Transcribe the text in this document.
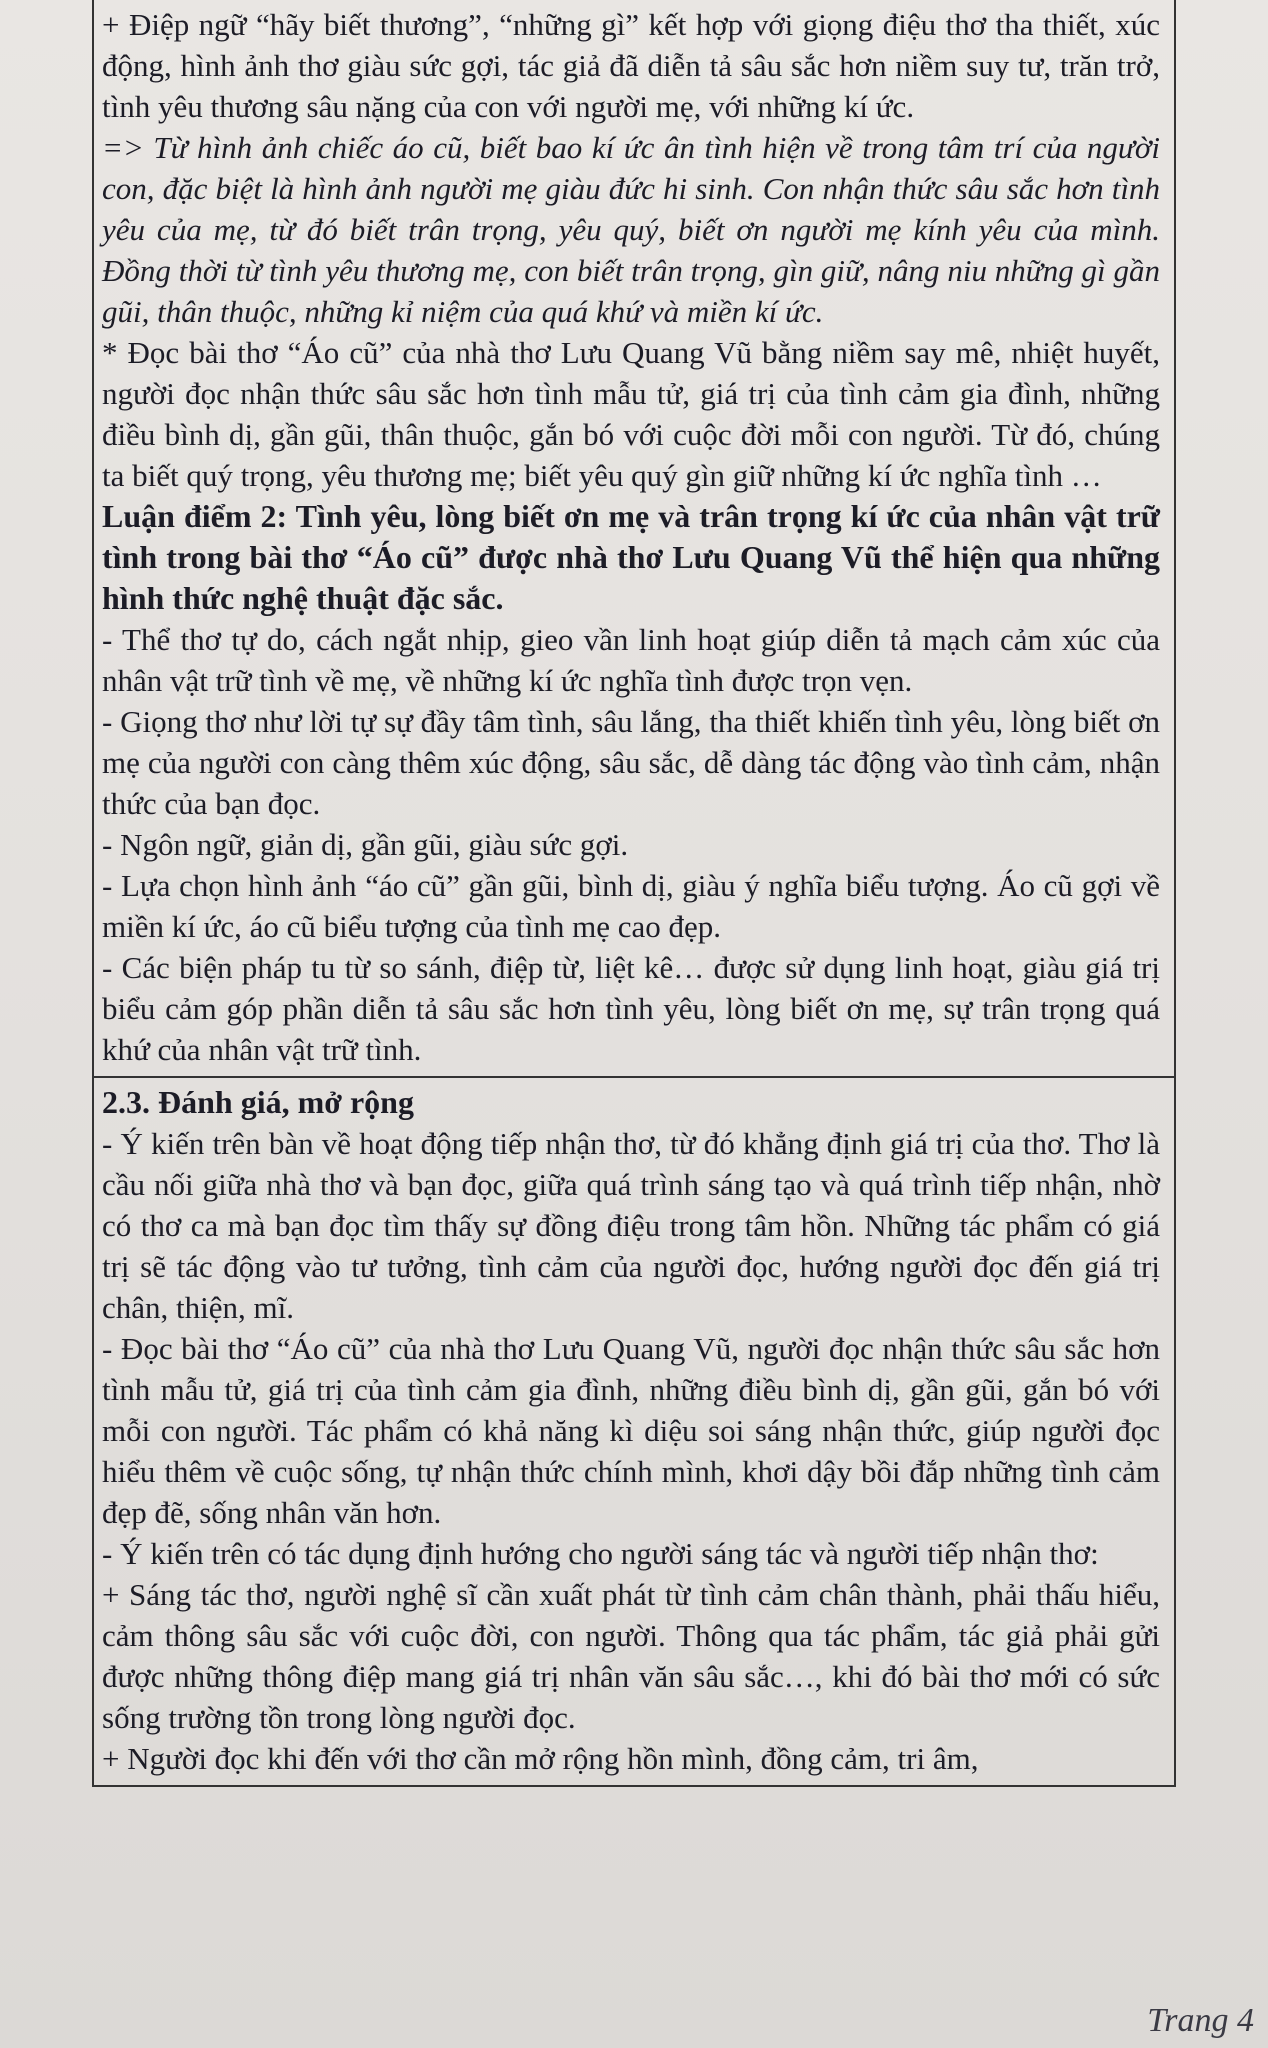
+ Điệp ngữ “hãy biết thương”, “những gì” kết hợp với giọng điệu thơ tha thiết, xúc động, hình ảnh thơ giàu sức gợi, tác giả đã diễn tả sâu sắc hơn niềm suy tư, trăn trở, tình yêu thương sâu nặng của con với người mẹ, với những kí ức.

=> Từ hình ảnh chiếc áo cũ, biết bao kí ức ân tình hiện về trong tâm trí của người con, đặc biệt là hình ảnh người mẹ giàu đức hi sinh. Con nhận thức sâu sắc hơn tình yêu của mẹ, từ đó biết trân trọng, yêu quý, biết ơn người mẹ kính yêu của mình. Đồng thời từ tình yêu thương mẹ, con biết trân trọng, gìn giữ, nâng niu những gì gần gũi, thân thuộc, những kỉ niệm của quá khứ và miền kí ức.

* Đọc bài thơ “Áo cũ” của nhà thơ Lưu Quang Vũ bằng niềm say mê, nhiệt huyết, người đọc nhận thức sâu sắc hơn tình mẫu tử, giá trị của tình cảm gia đình, những điều bình dị, gần gũi, thân thuộc, gắn bó với cuộc đời mỗi con người. Từ đó, chúng ta biết quý trọng, yêu thương mẹ; biết yêu quý gìn giữ những kí ức nghĩa tình …

Luận điểm 2: Tình yêu, lòng biết ơn mẹ và trân trọng kí ức của nhân vật trữ tình trong bài thơ “Áo cũ” được nhà thơ Lưu Quang Vũ thể hiện qua những hình thức nghệ thuật đặc sắc.

- Thể thơ tự do, cách ngắt nhịp, gieo vần linh hoạt giúp diễn tả mạch cảm xúc của nhân vật trữ tình về mẹ, về những kí ức nghĩa tình được trọn vẹn.

- Giọng thơ như lời tự sự đầy tâm tình, sâu lắng, tha thiết khiến tình yêu, lòng biết ơn mẹ của người con càng thêm xúc động, sâu sắc, dễ dàng tác động vào tình cảm, nhận thức của bạn đọc.

- Ngôn ngữ, giản dị, gần gũi, giàu sức gợi.

- Lựa chọn hình ảnh “áo cũ” gần gũi, bình dị, giàu ý nghĩa biểu tượng. Áo cũ gợi về miền kí ức, áo cũ biểu tượng của tình mẹ cao đẹp.

- Các biện pháp tu từ so sánh, điệp từ, liệt kê… được sử dụng linh hoạt, giàu giá trị biểu cảm góp phần diễn tả sâu sắc hơn tình yêu, lòng biết ơn mẹ, sự trân trọng quá khứ của nhân vật trữ tình.

2.3. Đánh giá, mở rộng

- Ý kiến trên bàn về hoạt động tiếp nhận thơ, từ đó khẳng định giá trị của thơ. Thơ là cầu nối giữa nhà thơ và bạn đọc, giữa quá trình sáng tạo và quá trình tiếp nhận, nhờ có thơ ca mà bạn đọc tìm thấy sự đồng điệu trong tâm hồn. Những tác phẩm có giá trị sẽ tác động vào tư tưởng, tình cảm của người đọc, hướng người đọc đến giá trị chân, thiện, mĩ.

- Đọc bài thơ “Áo cũ” của nhà thơ Lưu Quang Vũ, người đọc nhận thức sâu sắc hơn tình mẫu tử, giá trị của tình cảm gia đình, những điều bình dị, gần gũi, gắn bó với mỗi con người. Tác phẩm có khả năng kì diệu soi sáng nhận thức, giúp người đọc hiểu thêm về cuộc sống, tự nhận thức chính mình, khơi dậy bồi đắp những tình cảm đẹp đẽ, sống nhân văn hơn.

- Ý kiến trên có tác dụng định hướng cho người sáng tác và người tiếp nhận thơ:

+ Sáng tác thơ, người nghệ sĩ cần xuất phát từ tình cảm chân thành, phải thấu hiểu, cảm thông sâu sắc với cuộc đời, con người. Thông qua tác phẩm, tác giả phải gửi được những thông điệp mang giá trị nhân văn sâu sắc…, khi đó bài thơ mới có sức sống trường tồn trong lòng người đọc.

+ Người đọc khi đến với thơ cần mở rộng hồn mình, đồng cảm, tri âm,

Trang 4
